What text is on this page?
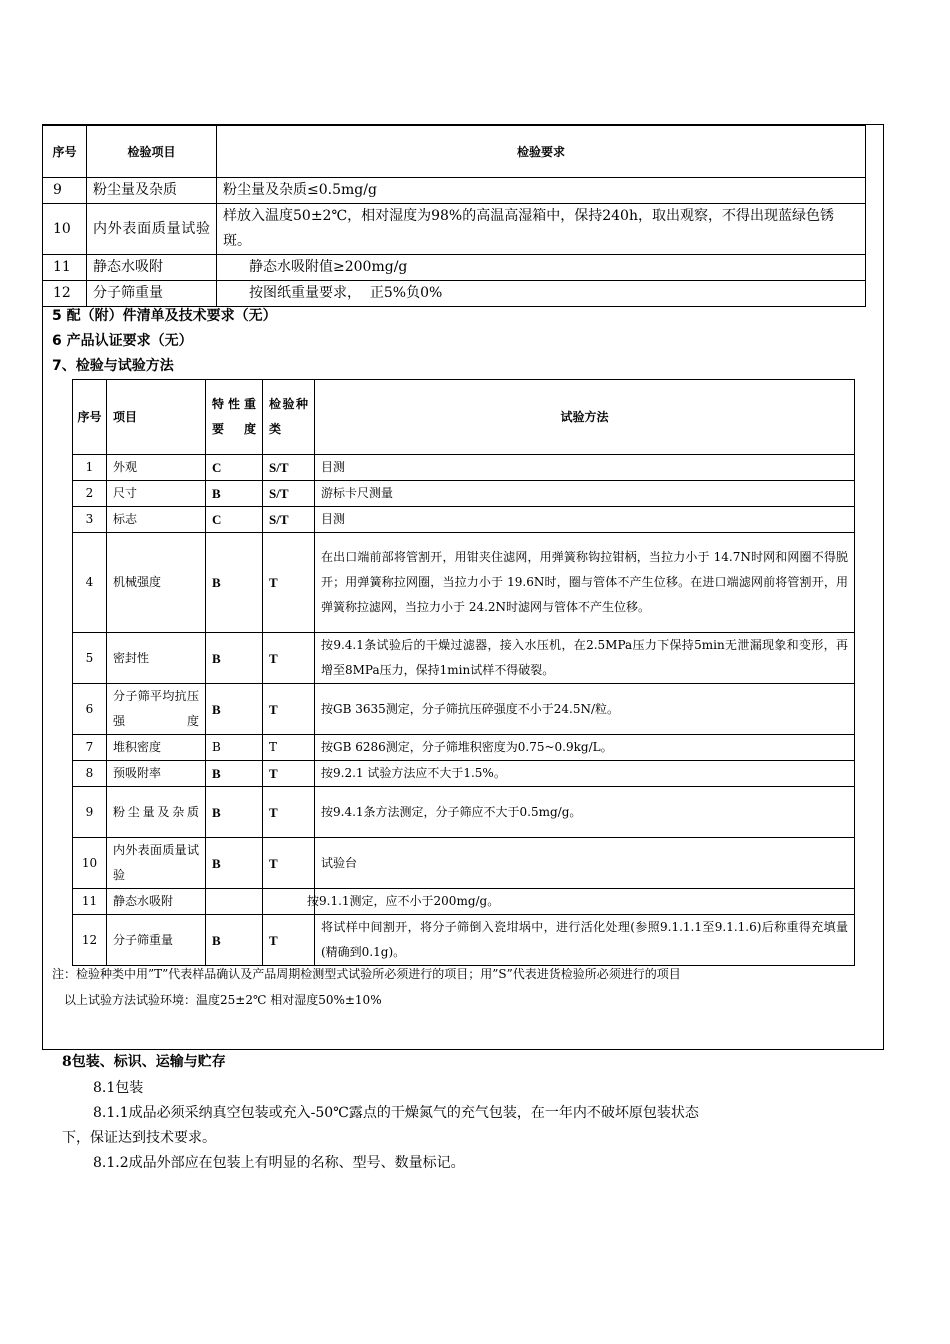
序号	检验项目	检验要求
9	粉尘量及杂质	粉尘量及杂质≤0.5mg/g
10	内外表面质量试验	样放入温度50±2℃，相对湿度为98%的高温高湿箱中，保持240h，取出观察，不得出现蓝绿色锈斑。
11	静态水吸附	静态水吸附值≥200mg/g
12	分子筛重量	按图纸重量要求，  正5%负0%
5 配（附）件清单及技术要求（无）
6 产品认证要求（无）
7、检验与试验方法
序号	项目	特性重要度	检验种类	试验方法
1	外观	C	S/T	目测
2	尺寸	B	S/T	游标卡尺测量
3	标志	C	S/T	目测
4	机械强度	B	T	在出口端前部将管割开，用钳夹住滤网，用弹簧称钩拉钳柄，当拉力小于 14.7N时网和网圈不得脱开；用弹簧称拉网圈，当拉力小于 19.6N时，圈与管体不产生位移。在进口端滤网前将管割开，用弹簧称拉滤网，当拉力小于 24.2N时滤网与管体不产生位移。
5	密封性	B	T	按9.4.1条试验后的干燥过滤器，接入水压机，在2.5MPa压力下保持5min无泄漏现象和变形，再增至8MPa压力，保持1min试样不得破裂。
6	分子筛平均抗压强度	B	T	按GB 3635测定，分子筛抗压碎强度不小于24.5N/粒。
7	堆积密度	B	T	按GB 6286测定，分子筛堆积密度为0.75~0.9kg/L。
8	预吸附率	B	T	按9.2.1 试验方法应不大于1.5%。
9	粉尘量及杂质	B	T	按9.4.1条方法测定，分子筛应不大于0.5mg/g。
10	内外表面质量试验	B	T	试验台
11	静态水吸附			按9.1.1测定，应不小于200mg/g。
12	分子筛重量	B	T	将试样中间割开，将分子筛倒入瓷坩埚中，进行活化处理(参照9.1.1.1至9.1.1.6)后称重得充填量(精确到0.1g)。
注：检验种类中用”T”代表样品确认及产品周期检测型式试验所必须进行的项目；用”S”代表进货检验所必须进行的项目
以上试验方法试验环境：温度25±2℃ 相对湿度50%±10%
8包装、标识、运输与贮存
8.1包装
8.1.1成品必须采纳真空包装或充入-50℃露点的干燥氮气的充气包装，在一年内不破坏原包装状态
下，保证达到技术要求。
8.1.2成品外部应在包装上有明显的名称、型号、数量标记。
